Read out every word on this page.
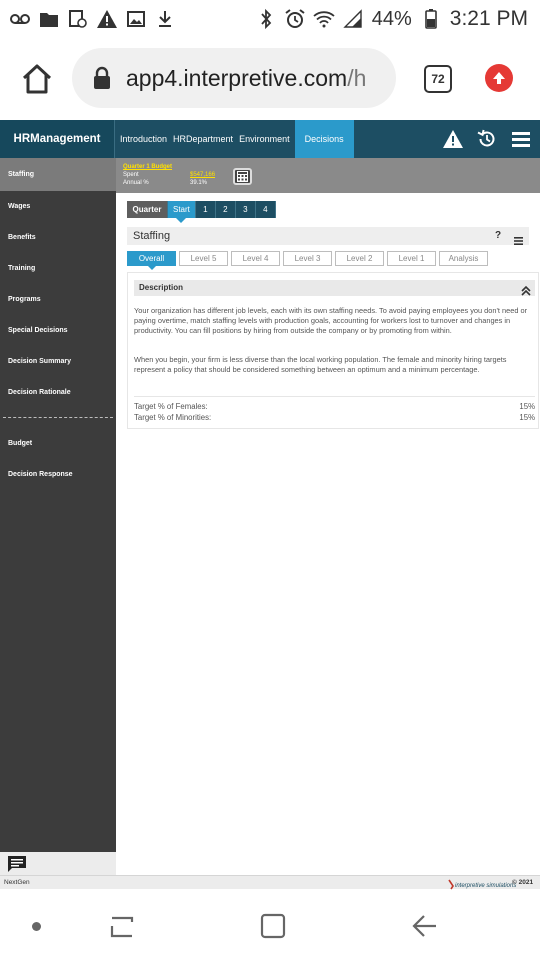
44% 3:21 PM
app4.interpretive.com/h	72
HRManagement	Introduction HRDepartment Environment	Decisions
Staffing
Wages
Benefits
Training
Programs
Special Decisions
Decision Summary
Decision Rationale
Budget
Decision Response
Quarter 1 Budget
Spent	$547,166
Annual %	39.1%
Quarter	Start	1	2	3	4
Staffing	?
Overall	Level 5	Level 4	Level 3	Level 2	Level 1	Analysis
Description
Your organization has different job levels, each with its own staffing needs. To avoid paying employees you don't need or paying overtime, match staffing levels with production goals, accounting for workers lost to turnover and changes in productivity. You can fill positions by hiring from outside the company or by promoting from within.
When you begin, your firm is less diverse than the local working population. The female and minority hiring targets represent a policy that should be considered something between an optimum and a minimum percentage.
Target % of Females:	15%
Target % of Minorities:	15%
NextGen	interpretive simulations
© 2021
